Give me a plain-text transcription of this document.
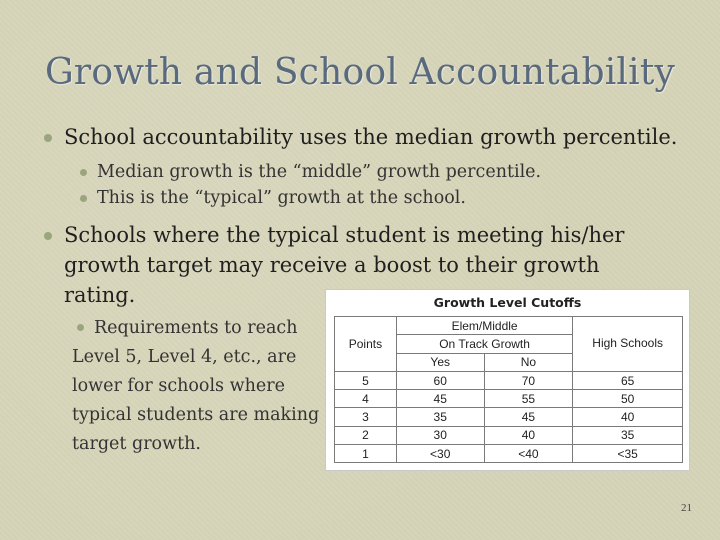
Growth and School Accountability
School accountability uses the median growth percentile.
Median growth is the “middle” growth percentile.
This is the “typical” growth at the school.
Schools where the typical student is meeting his/her growth target may receive a boost to their growth rating.
Requirements to reach Level 5, Level 4, etc., are lower for schools where typical students are making target growth.
Growth Level Cutoffs
Points	Elem/Middle		High Schools
	On Track Growth		
	Yes	No	
5	60	70	65
4	45	55	50
3	35	45	40
2	30	40	35
1	<30	<40	<35
21
